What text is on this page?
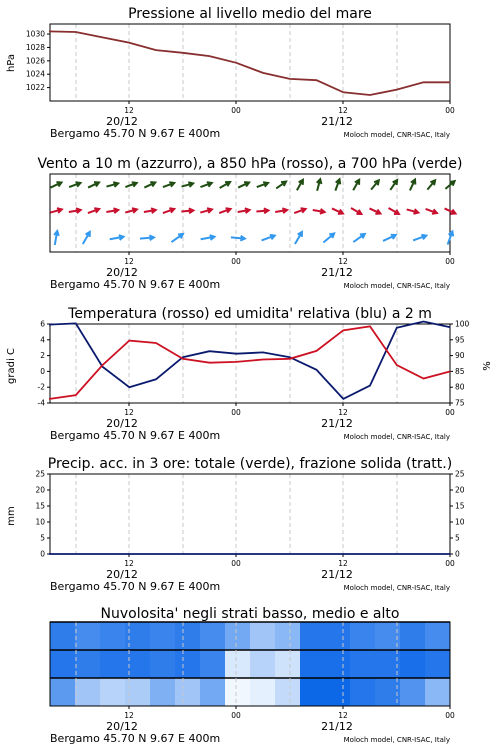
Pressione al livello medio del mare
12	00	12	00
20/12	21/12
Bergamo 45.70 N 9.67 E 400m	Moloch model, CNR-ISAC, Italy
1022
1024
1026
1028
1030
hPa
Vento a 10 m (azzurro), a 850 hPa (rosso), a 700 hPa (verde)
12	00	12	00
20/12	21/12
Bergamo 45.70 N 9.67 E 400m	Moloch model, CNR-ISAC, Italy
Temperatura (rosso) ed umidita' relativa (blu) a 2 m
12	00	12	00
20/12	21/12
Bergamo 45.70 N 9.67 E 400m	Moloch model, CNR-ISAC, Italy
-4
-2
0
2
4
6
75
80
85
90
95
100
gradi C	%
Precip. acc. in 3 ore: totale (verde), frazione solida (tratt.)
12	00	12	00
20/12	21/12
Bergamo 45.70 N 9.67 E 400m	Moloch model, CNR-ISAC, Italy
0
5
10
15
20
25
0
5
10
15
20
25
mm
Nuvolosita' negli strati basso, medio e alto
12	00	12	00
20/12	21/12
Bergamo 45.70 N 9.67 E 400m	Moloch model, CNR-ISAC, Italy
